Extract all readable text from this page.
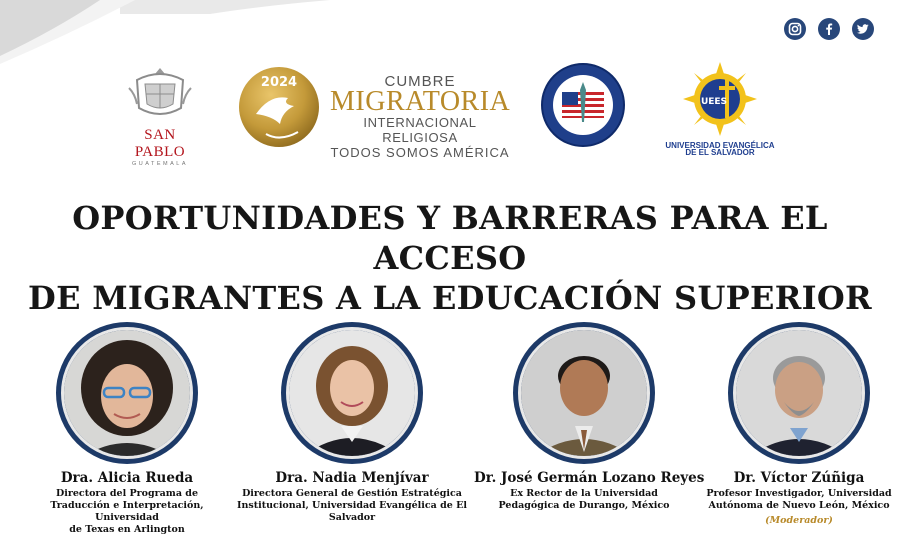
SAN PABLO
GUATEMALA
2024	CUMBRE
MIGRATORIA
INTERNACIONAL RELIGIOSA
TODOS SOMOS AMÉRICA
UEES
UNIVERSIDAD EVANGÉLICA
DE EL SALVADOR
OPORTUNIDADES Y BARRERAS PARA EL ACCESO
DE MIGRANTES A LA EDUCACIÓN SUPERIOR
Dra. Alicia Rueda
Directora del Programa de
Traducción e Interpretación, Universidad
de Texas en Arlington
Dra. Nadia Menjívar
Directora General de Gestión Estratégica
Institucional, Universidad Evangélica de El Salvador
Dr. José Germán Lozano Reyes
Ex Rector de la Universidad
Pedagógica de Durango, México
Dr. Víctor Zúñiga
Profesor Investigador, Universidad
Autónoma de Nuevo León, México
(Moderador)
